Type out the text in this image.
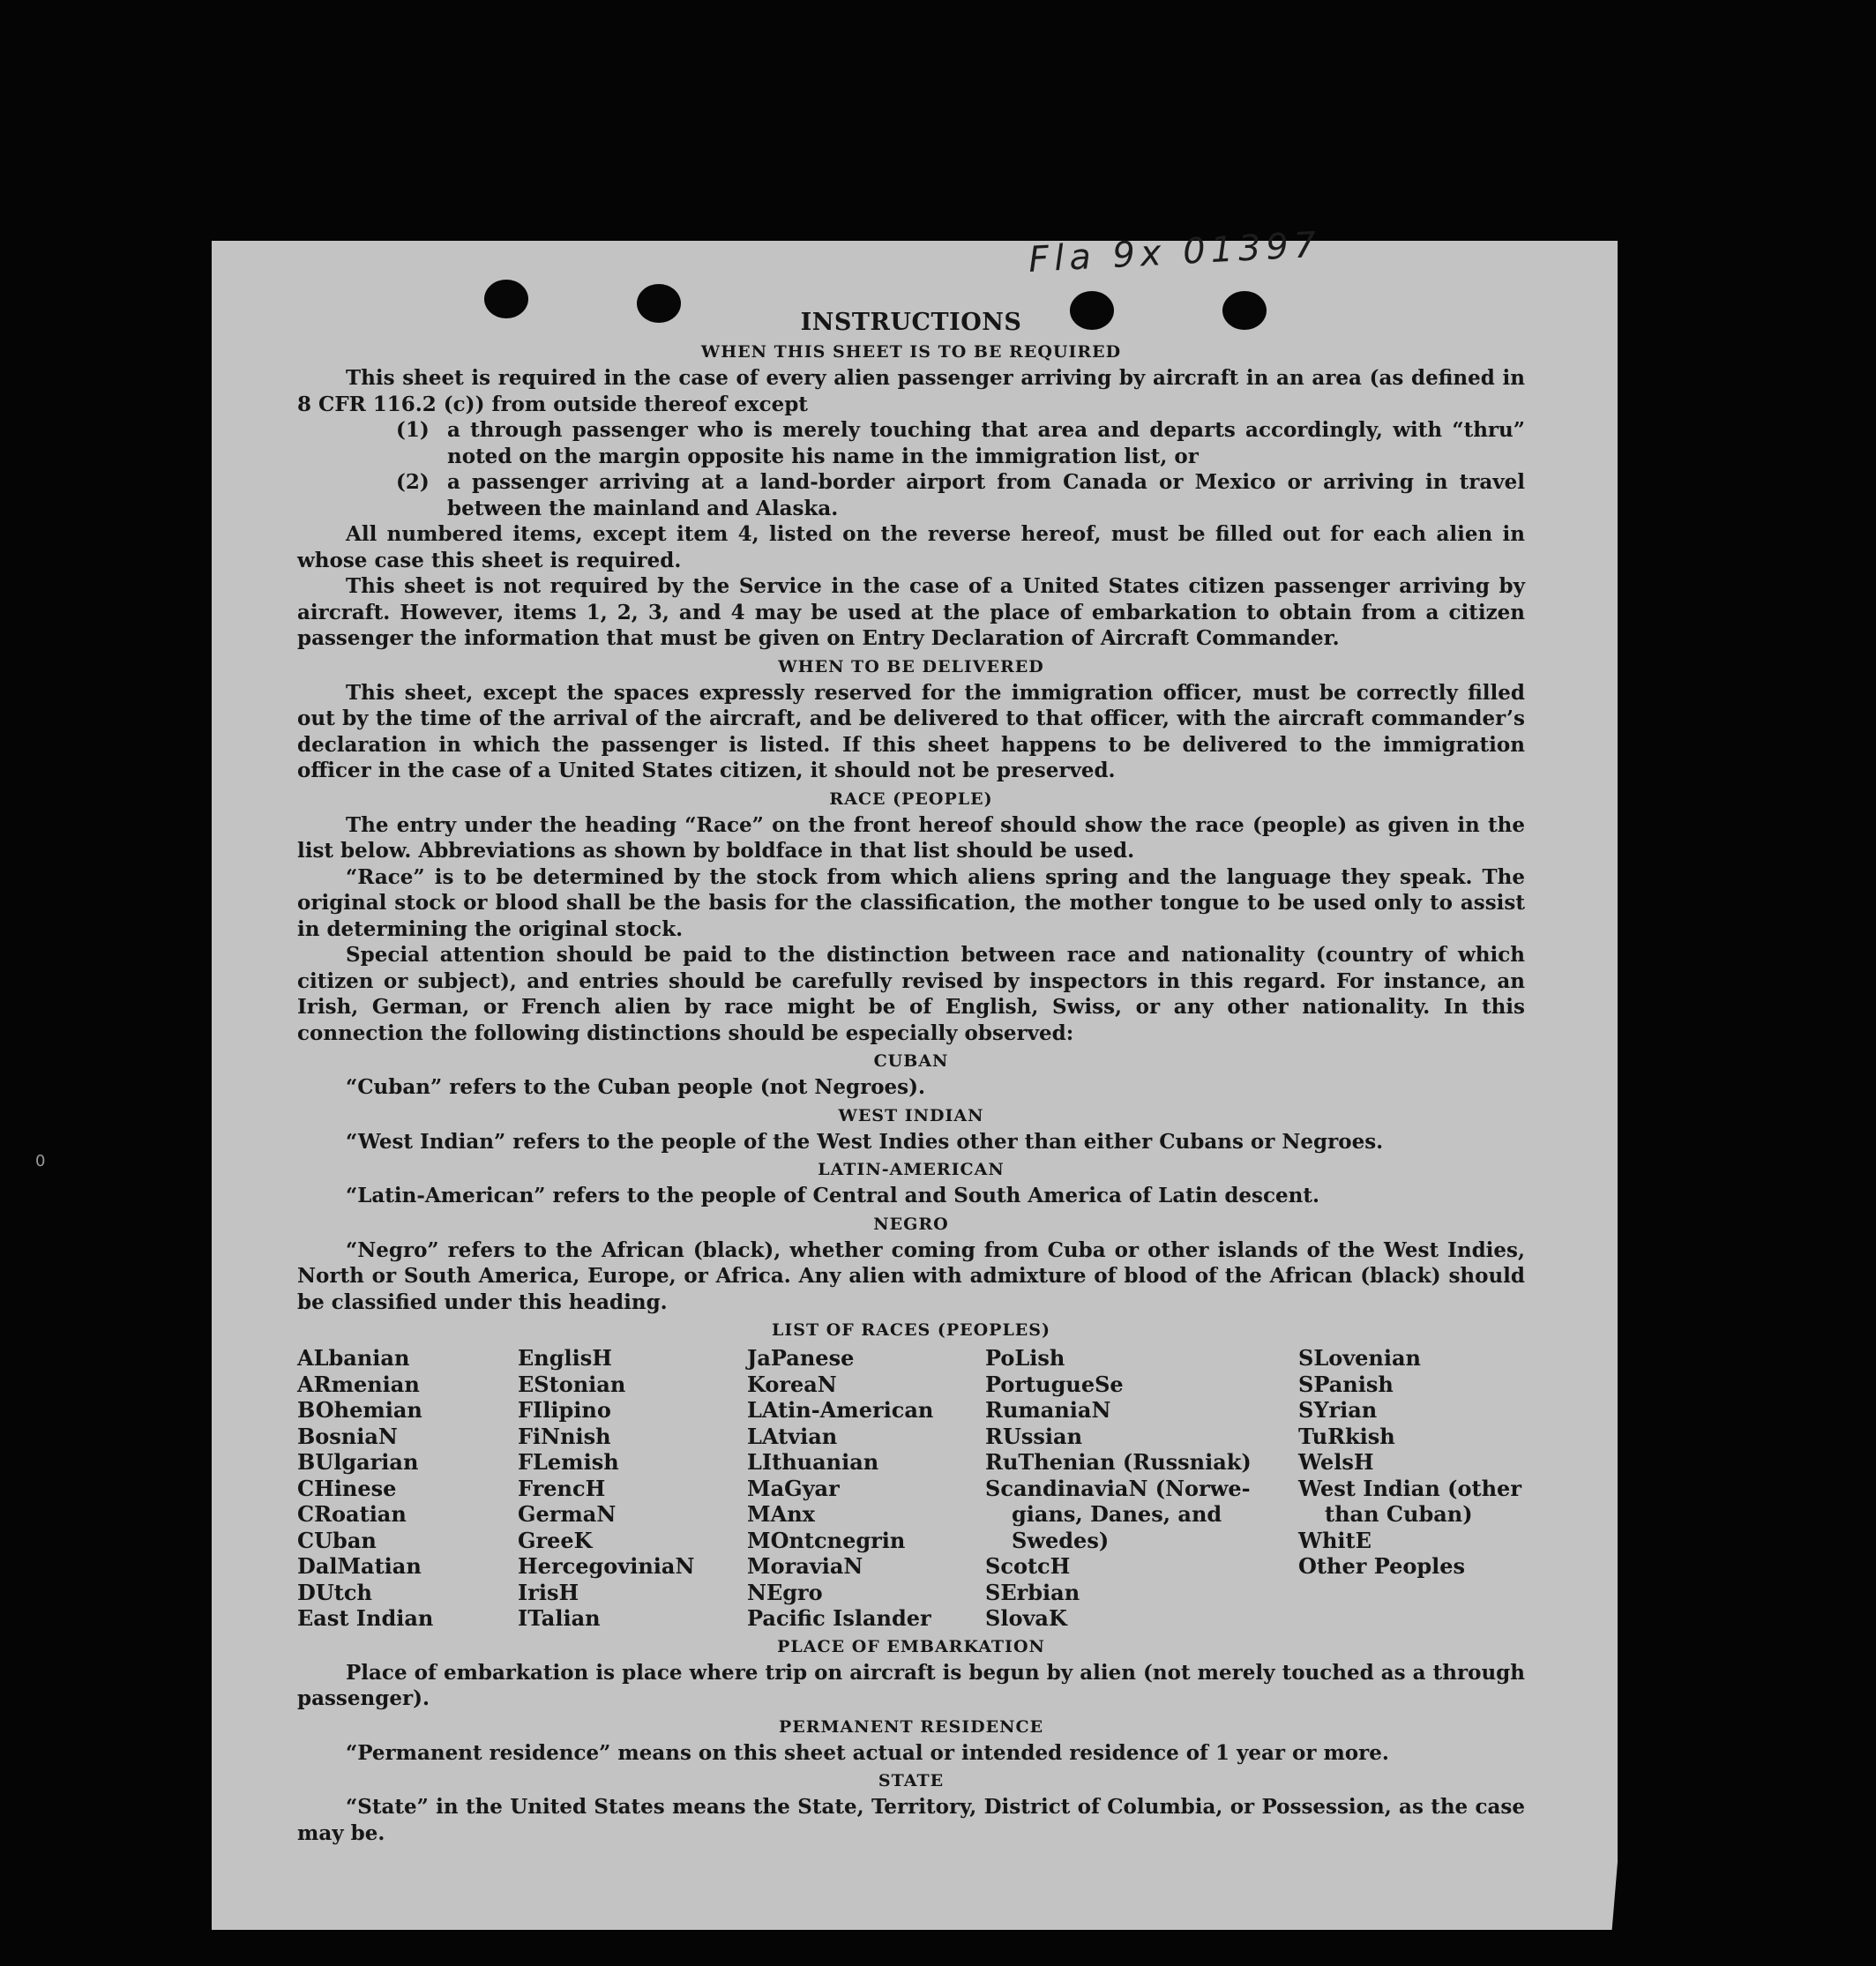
Fla 9x 01397
0
INSTRUCTIONS
WHEN THIS SHEET IS TO BE REQUIRED

This sheet is required in the case of every alien passenger arriving by aircraft in an area (as defined in 8 CFR 116.2 (c)) from outside thereof except

(1) a through passenger who is merely touching that area and departs accordingly, with “thru” noted on the margin opposite his name in the immigration list, or
(2) a passenger arriving at a land-border airport from Canada or Mexico or arriving in travel between the mainland and Alaska.

All numbered items, except item 4, listed on the reverse hereof, must be filled out for each alien in whose case this sheet is required.

This sheet is not required by the Service in the case of a United States citizen passenger arriving by aircraft. However, items 1, 2, 3, and 4 may be used at the place of embarkation to obtain from a citizen passenger the information that must be given on Entry Declaration of Aircraft Commander.

WHEN TO BE DELIVERED

This sheet, except the spaces expressly reserved for the immigration officer, must be correctly filled out by the time of the arrival of the aircraft, and be delivered to that officer, with the aircraft commander’s declaration in which the passenger is listed. If this sheet happens to be delivered to the immigration officer in the case of a United States citizen, it should not be preserved.

RACE (PEOPLE)

The entry under the heading “Race” on the front hereof should show the race (people) as given in the list below. Abbreviations as shown by boldface in that list should be used.

“Race” is to be determined by the stock from which aliens spring and the language they speak. The original stock or blood shall be the basis for the classification, the mother tongue to be used only to assist in determining the original stock.

Special attention should be paid to the distinction between race and nationality (country of which citizen or subject), and entries should be carefully revised by inspectors in this regard. For instance, an Irish, German, or French alien by race might be of English, Swiss, or any other nationality. In this connection the following distinctions should be especially observed:

CUBAN

“Cuban” refers to the Cuban people (not Negroes).

WEST INDIAN

“West Indian” refers to the people of the West Indies other than either Cubans or Negroes.

LATIN-AMERICAN

“Latin-American” refers to the people of Central and South America of Latin descent.

NEGRO

“Negro” refers to the African (black), whether coming from Cuba or other islands of the West Indies, North or South America, Europe, or Africa. Any alien with admixture of blood of the African (black) should be classified under this heading.

LIST OF RACES (PEOPLES)
ALbanian
ARmenian
BOhemian
BosniaN
BUlgarian
CHinese
CRoatian
CUban
DalMatian
DUtch
East Indian
EnglisH
EStonian
FIlipino
FiNnish
FLemish
FrencH
GermaN
GreeK
HercegoviniaN
IrisH
ITalian
JaPanese
KoreaN
LAtin-American
LAtvian
LIthuanian
MaGyar
MAnx
MOntcnegrin
MoraviaN
NEgro
Pacific Islander
PoLish
PortugueSe
RumaniaN
RUssian
RuThenian (Russniak)
ScandinaviaN (Norwe-
gians, Danes, and
Swedes)
ScotcH
SErbian
SlovaK
SLovenian
SPanish
SYrian
TuRkish
WelsH
West Indian (other
than Cuban)
WhitE
Other Peoples
PLACE OF EMBARKATION

Place of embarkation is place where trip on aircraft is begun by alien (not merely touched as a through passenger).

PERMANENT RESIDENCE

“Permanent residence” means on this sheet actual or intended residence of 1 year or more.

STATE

“State” in the United States means the State, Territory, District of Columbia, or Possession, as the case may be.
